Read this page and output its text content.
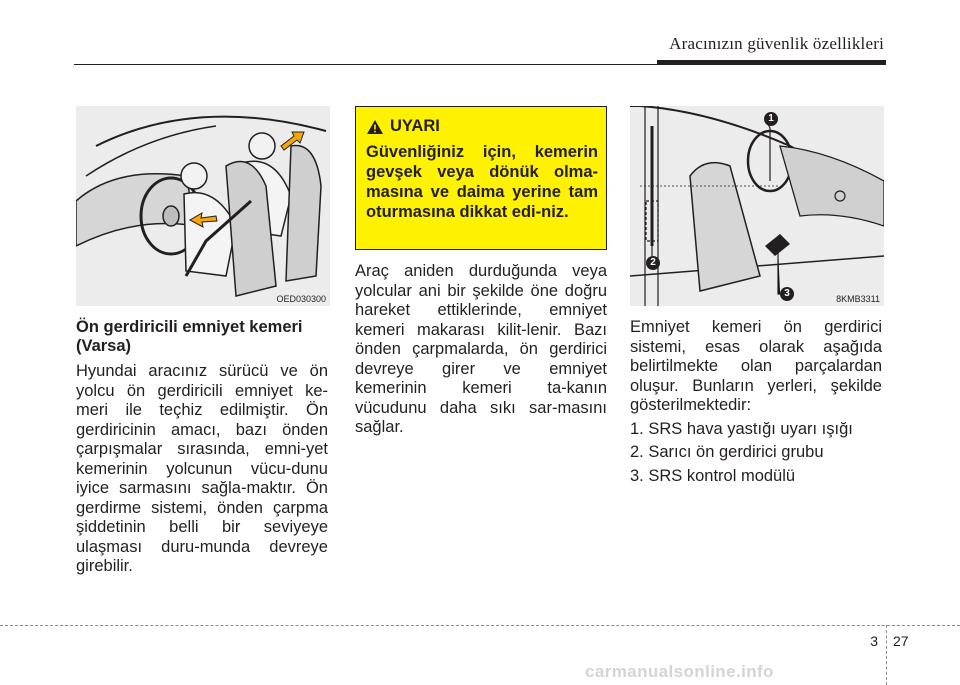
Aracınızın güvenlik özellikleri
OED030300
Ön gerdiricili emniyet kemeri (Varsa)

Hyundai aracınız sürücü ve ön yolcu ön gerdiricili emniyet ke-meri ile teçhiz edilmiştir. Ön gerdiricinin amacı, bazı önden çarpışmalar sırasında, emni-yet kemerinin yolcunun vücu-dunu iyice sarmasını sağla-maktır. Ön gerdirme sistemi, önden çarpma şiddetinin belli bir seviyeye ulaşması duru-munda devreye girebilir.

UYARI

Güvenliğiniz için, kemerin gevşek veya dönük olma-masına ve daima yerine tam oturmasına dikkat edi-niz.

Araç aniden durduğunda veya yolcular ani bir şekilde öne doğru hareket ettiklerinde, emniyet kemeri makarası kilit-lenir. Bazı önden çarpmalarda, ön gerdirici devreye girer ve emniyet kemerinin kemeri ta-kanın vücudunu daha sıkı sar-masını sağlar.

1
2
3	8KMB3311

Emniyet kemeri ön gerdirici sistemi, esas olarak aşağıda belirtilmekte olan parçalardan oluşur. Bunların yerleri, şekilde gösterilmektedir:

1. SRS hava yastığı uyarı ışığı
2. Sarıcı ön gerdirici grubu
3. SRS kontrol modülü
3 27
carmanualsonline.info
